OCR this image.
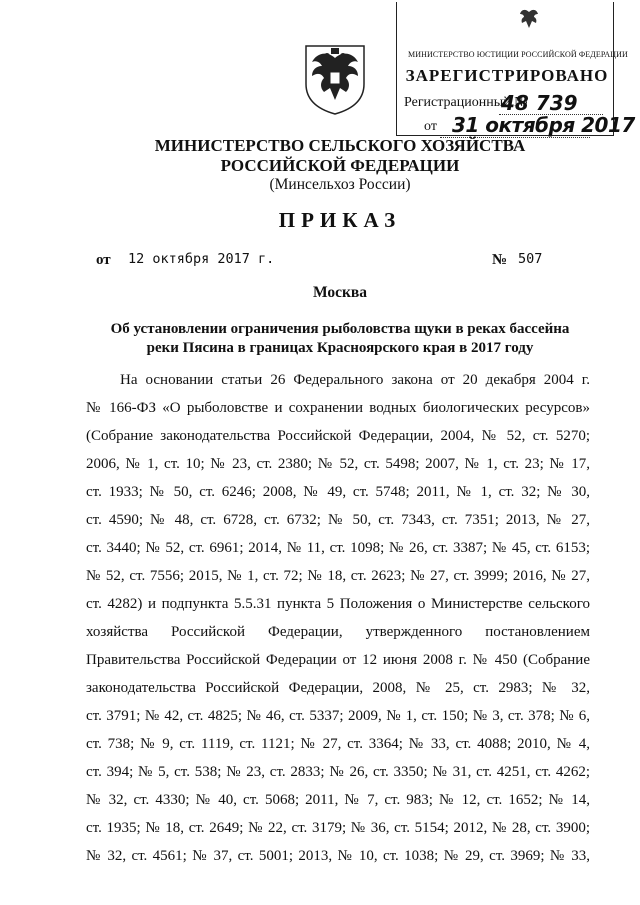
МИНИСТЕРСТВО ЮСТИЦИИ РОССИЙСКОЙ ФЕДЕРАЦИИ
ЗАРЕГИСТРИРОВАНО
Регистрационный №
48 739
от 31 октября 2017
МИНИСТЕРСТВО СЕЛЬСКОГО ХОЗЯЙСТВА
РОССИЙСКОЙ ФЕДЕРАЦИИ
(Минсельхоз России)
ПРИКАЗ
от 12 октября 2017 г.	№ 507
Москва
Об установлении ограничения рыболовства щуки в реках бассейна
реки Пясина в границах Красноярского края в 2017 году
На основании статьи 26 Федерального закона от 20 декабря 2004 г.
№ 166-ФЗ «О рыболовстве и сохранении водных биологических ресурсов»
(Собрание законодательства Российской Федерации, 2004, № 52, ст. 5270;
2006, № 1, ст. 10; № 23, ст. 2380; № 52, ст. 5498; 2007, № 1, ст. 23; № 17,
ст. 1933; № 50, ст. 6246; 2008, № 49, ст. 5748; 2011, № 1, ст. 32; № 30,
ст. 4590; № 48, ст. 6728, ст. 6732; № 50, ст. 7343, ст. 7351; 2013, № 27,
ст. 3440; № 52, ст. 6961; 2014, № 11, ст. 1098; № 26, ст. 3387; № 45, ст. 6153;
№ 52, ст. 7556; 2015, № 1, ст. 72; № 18, ст. 2623; № 27, ст. 3999; 2016, № 27,
ст. 4282) и подпункта 5.5.31 пункта 5 Положения о Министерстве сельского
хозяйства Российской Федерации, утвержденного постановлением
Правительства Российской Федерации от 12 июня 2008 г. № 450 (Собрание
законодательства Российской Федерации, 2008, № 25, ст. 2983; № 32,
ст. 3791; № 42, ст. 4825; № 46, ст. 5337; 2009, № 1, ст. 150; № 3, ст. 378; № 6,
ст. 738; № 9, ст. 1119, ст. 1121; № 27, ст. 3364; № 33, ст. 4088; 2010, № 4,
ст. 394; № 5, ст. 538; № 23, ст. 2833; № 26, ст. 3350; № 31, ст. 4251, ст. 4262;
№ 32, ст. 4330; № 40, ст. 5068; 2011, № 7, ст. 983; № 12, ст. 1652; № 14,
ст. 1935; № 18, ст. 2649; № 22, ст. 3179; № 36, ст. 5154; 2012, № 28, ст. 3900;
№ 32, ст. 4561; № 37, ст. 5001; 2013, № 10, ст. 1038; № 29, ст. 3969; № 33,
